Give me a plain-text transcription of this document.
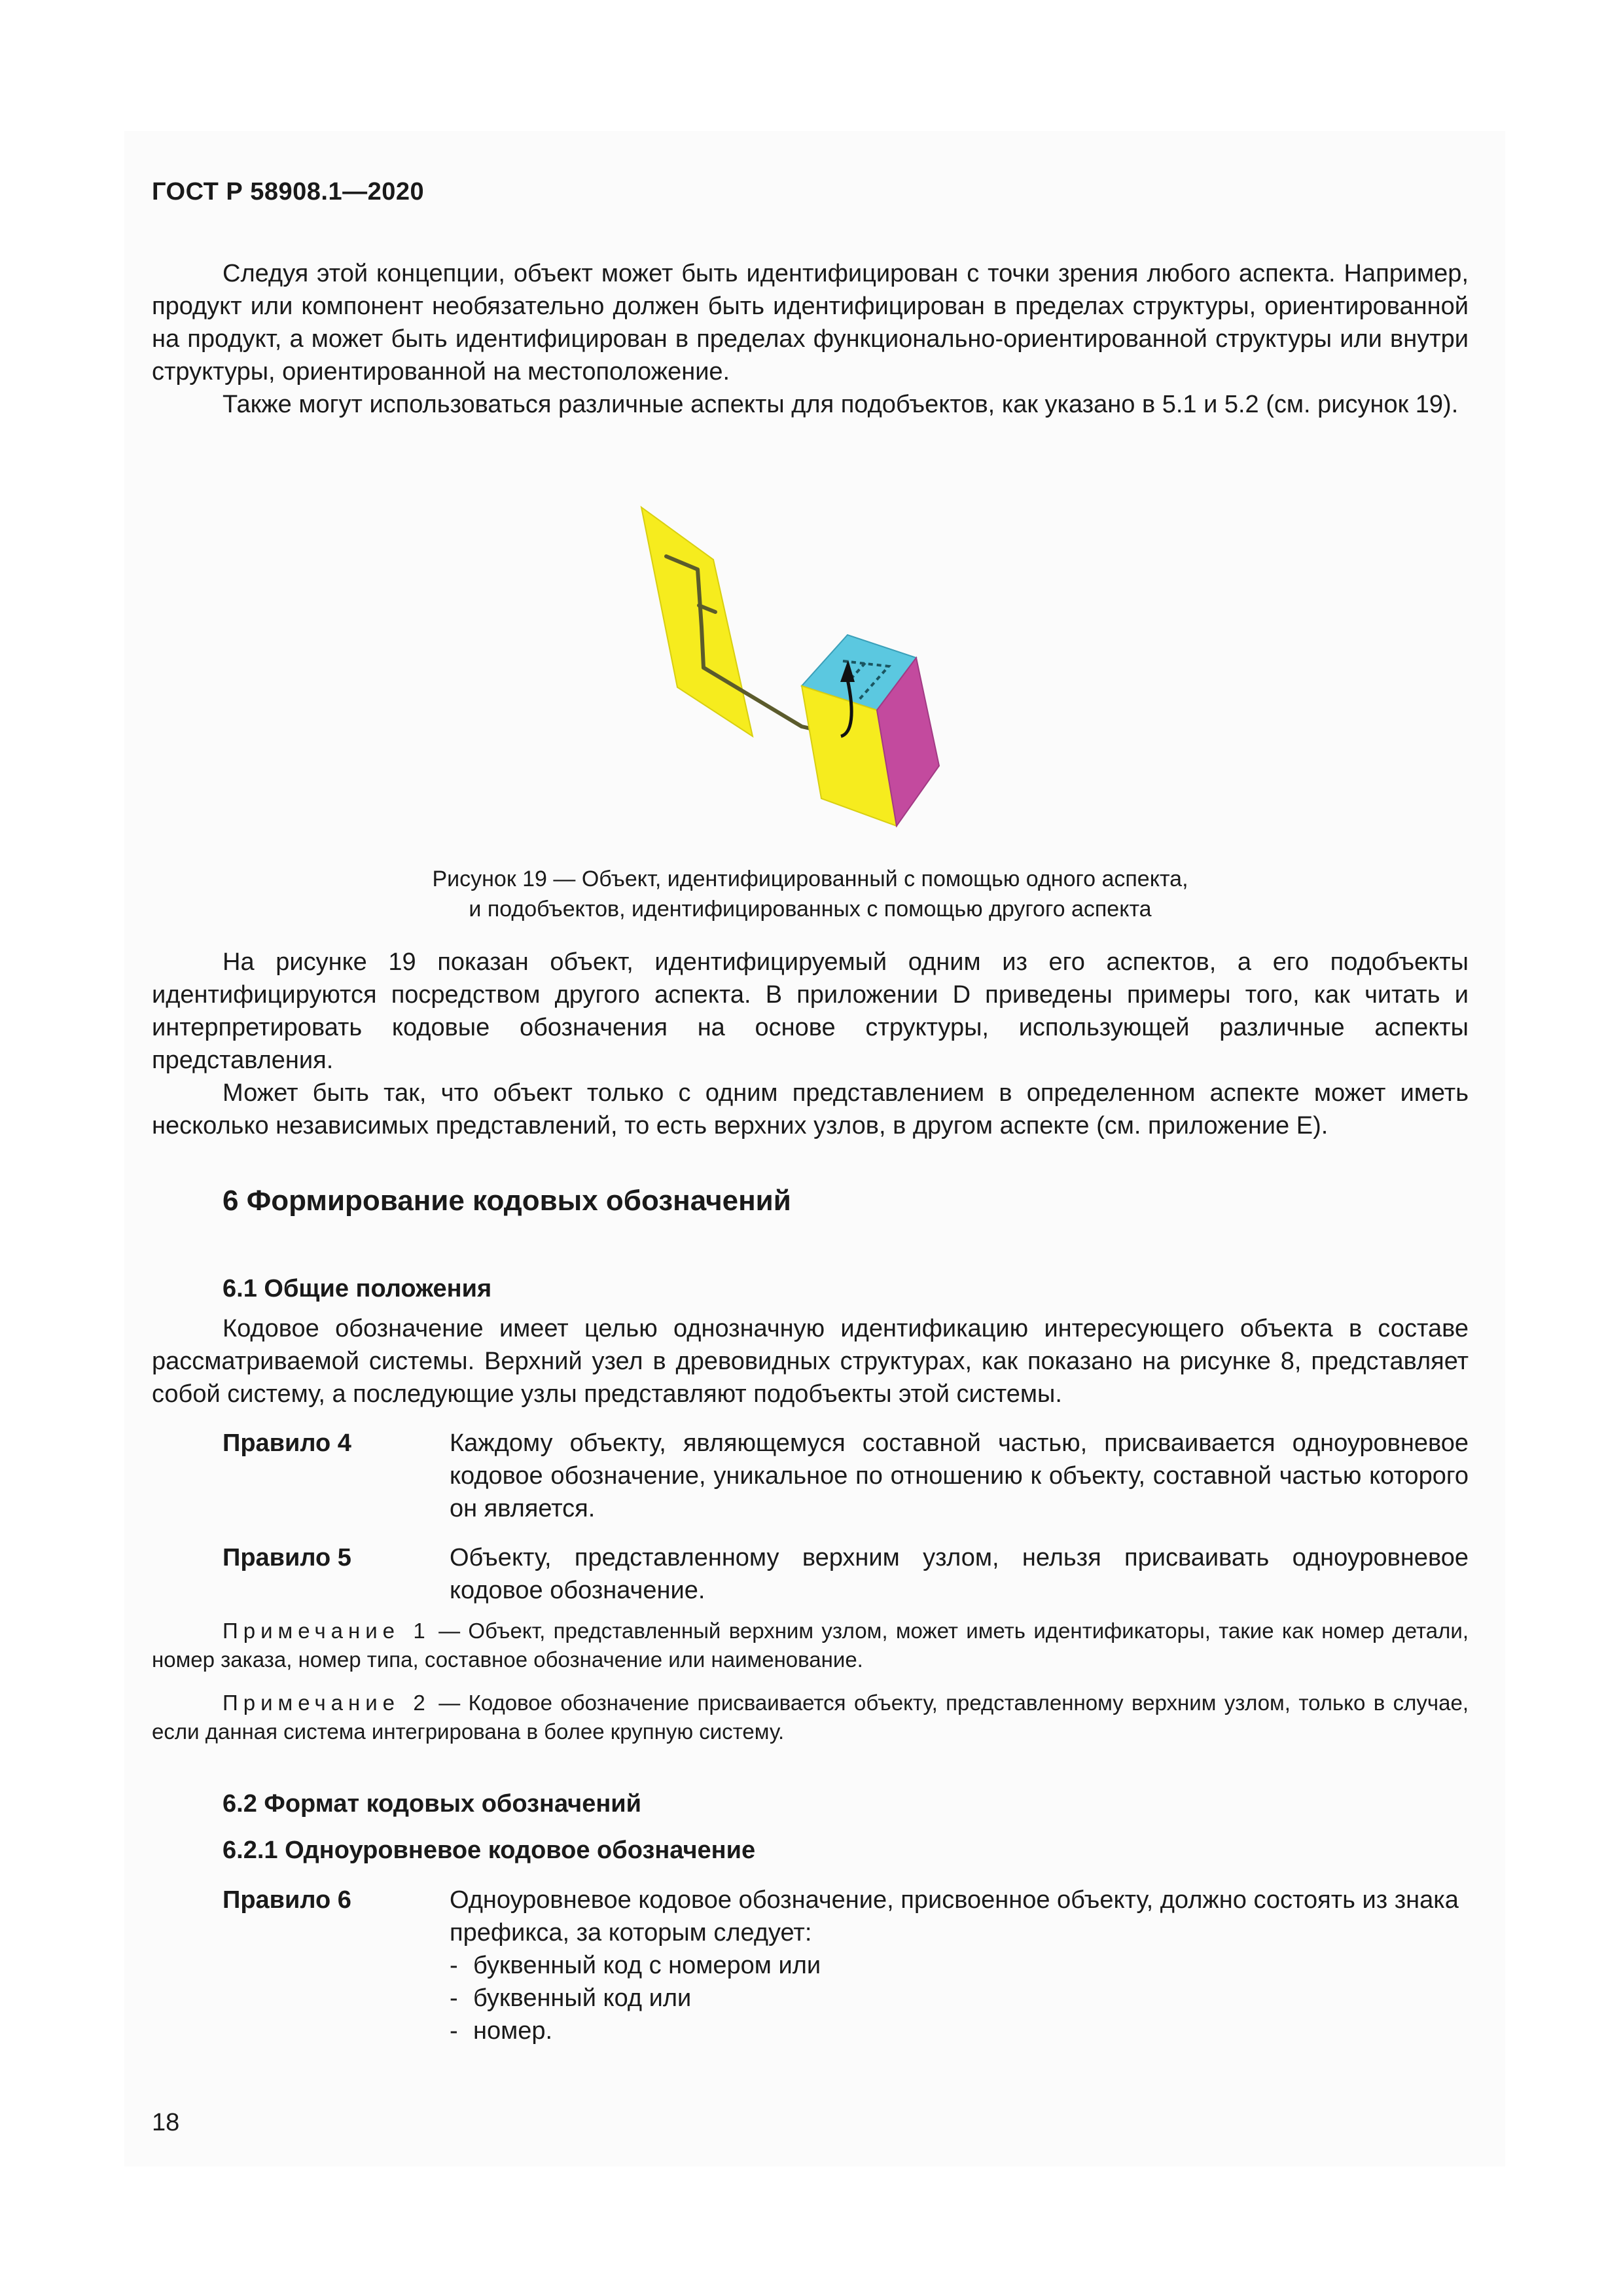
ГОСТ Р 58908.1—2020

Следуя этой концепции, объект может быть идентифицирован с точки зрения любого аспекта. Например, продукт или компонент необязательно должен быть идентифицирован в пределах структуры, ориентированной на продукт, а может быть идентифицирован в пределах функционально-ориентированной структуры или внутри структуры, ориентированной на местоположение.

Также могут использоваться различные аспекты для подобъектов, как указано в 5.1 и 5.2 (см. рисунок 19).

Рисунок 19 — Объект, идентифицированный с помощью одного аспекта,
и подобъектов, идентифицированных с помощью другого аспекта

На рисунке 19 показан объект, идентифицируемый одним из его аспектов, а его подобъекты идентифицируются посредством другого аспекта. В приложении D приведены примеры того, как читать и интерпретировать кодовые обозначения на основе структуры, использующей различные аспекты представления.

Может быть так, что объект только с одним представлением в определенном аспекте может иметь несколько независимых представлений, то есть верхних узлов, в другом аспекте (см. приложение E).

6 Формирование кодовых обозначений
6.1 Общие положения

Кодовое обозначение имеет целью однозначную идентификацию интересующего объекта в составе рассматриваемой системы. Верхний узел в древовидных структурах, как показано на рисунке 8, представляет собой систему, а последующие узлы представляют подобъекты этой системы.

Правило 4	Каждому объекту, являющемуся составной частью, присваивается одноуровневое кодовое обозначение, уникальное по отношению к объекту, составной частью которого он является.
Правило 5	Объекту, представленному верхним узлом, нельзя присваивать одноуровневое кодовое обозначение.
Примечание 1 — Объект, представленный верхним узлом, может иметь идентификаторы, такие как номер детали, номер заказа, номер типа, составное обозначение или наименование.
Примечание 2 — Кодовое обозначение присваивается объекту, представленному верхним узлом, только в случае, если данная система интегрирована в более крупную систему.
6.2 Формат кодовых обозначений
6.2.1 Одноуровневое кодовое обозначение
Правило 6	Одноуровневое кодовое обозначение, присвоенное объекту, должно состоять из знака префикса, за которым следует:
- буквенный код с номером или
- буквенный код или
- номер.
18
